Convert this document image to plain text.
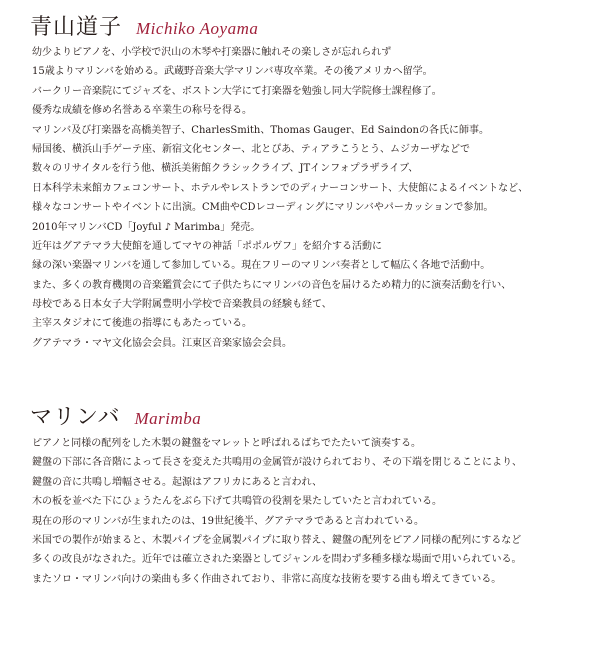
青山道子 Michiko Aoyama
幼少よりピアノを、小学校で沢山の木琴や打楽器に触れその楽しさが忘れられず
15歳よりマリンバを始める。武蔵野音楽大学マリンバ専攻卒業。その後アメリカへ留学。
バークリー音楽院にてジャズを、ボストン大学にて打楽器を勉強し同大学院修士課程修了。
優秀な成績を修め名誉ある卒業生の称号を得る。
マリンバ及び打楽器を高橋美智子、CharlesSmith、Thomas Gauger、Ed Saindonの各氏に師事。
帰国後、横浜山手ゲーテ座、新宿文化センター、北とぴあ、ティアラこうとう、ムジカーザなどで
数々のリサイタルを行う他、横浜美術館クラシックライブ、JTインフォプラザライブ、
日本科学未来館カフェコンサート、ホテルやレストランでのディナーコンサート、大使館によるイベントなど、
様々なコンサートやイベントに出演。CM曲やCDレコーディングにマリンバやパーカッションで参加。
2010年マリンバCD「Joyful ♪ Marimba」発売。
近年はグアテマラ大使館を通してマヤの神話「ポポルヴフ」を紹介する活動に
縁の深い楽器マリンバを通して参加している。現在フリーのマリンバ奏者として幅広く各地で活動中。
また、多くの教育機関の音楽鑑賞会にて子供たちにマリンバの音色を届けるため精力的に演奏活動を行い、
母校である日本女子大学附属豊明小学校で音楽教員の経験も経て、
主宰スタジオにて後進の指導にもあたっている。
グアテマラ・マヤ文化協会会員。江東区音楽家協会会員。
マリンバ Marimba
ピアノと同様の配列をした木製の鍵盤をマレットと呼ばれるばちでたたいて演奏する。
鍵盤の下部に各音階によって長さを変えた共鳴用の金属管が設けられており、その下端を閉じることにより、
鍵盤の音に共鳴し増幅させる。起源はアフリカにあると言われ、
木の板を並べた下にひょうたんをぶら下げて共鳴管の役割を果たしていたと言われている。
現在の形のマリンバが生まれたのは、19世紀後半、グアテマラであると言われている。
米国での製作が始まると、木製パイプを金属製パイプに取り替え、鍵盤の配列をピアノ同様の配列にするなど
多くの改良がなされた。近年では確立された楽器としてジャンルを問わず多種多様な場面で用いられている。
またソロ・マリンバ向けの楽曲も多く作曲されており、非常に高度な技術を要する曲も増えてきている。
